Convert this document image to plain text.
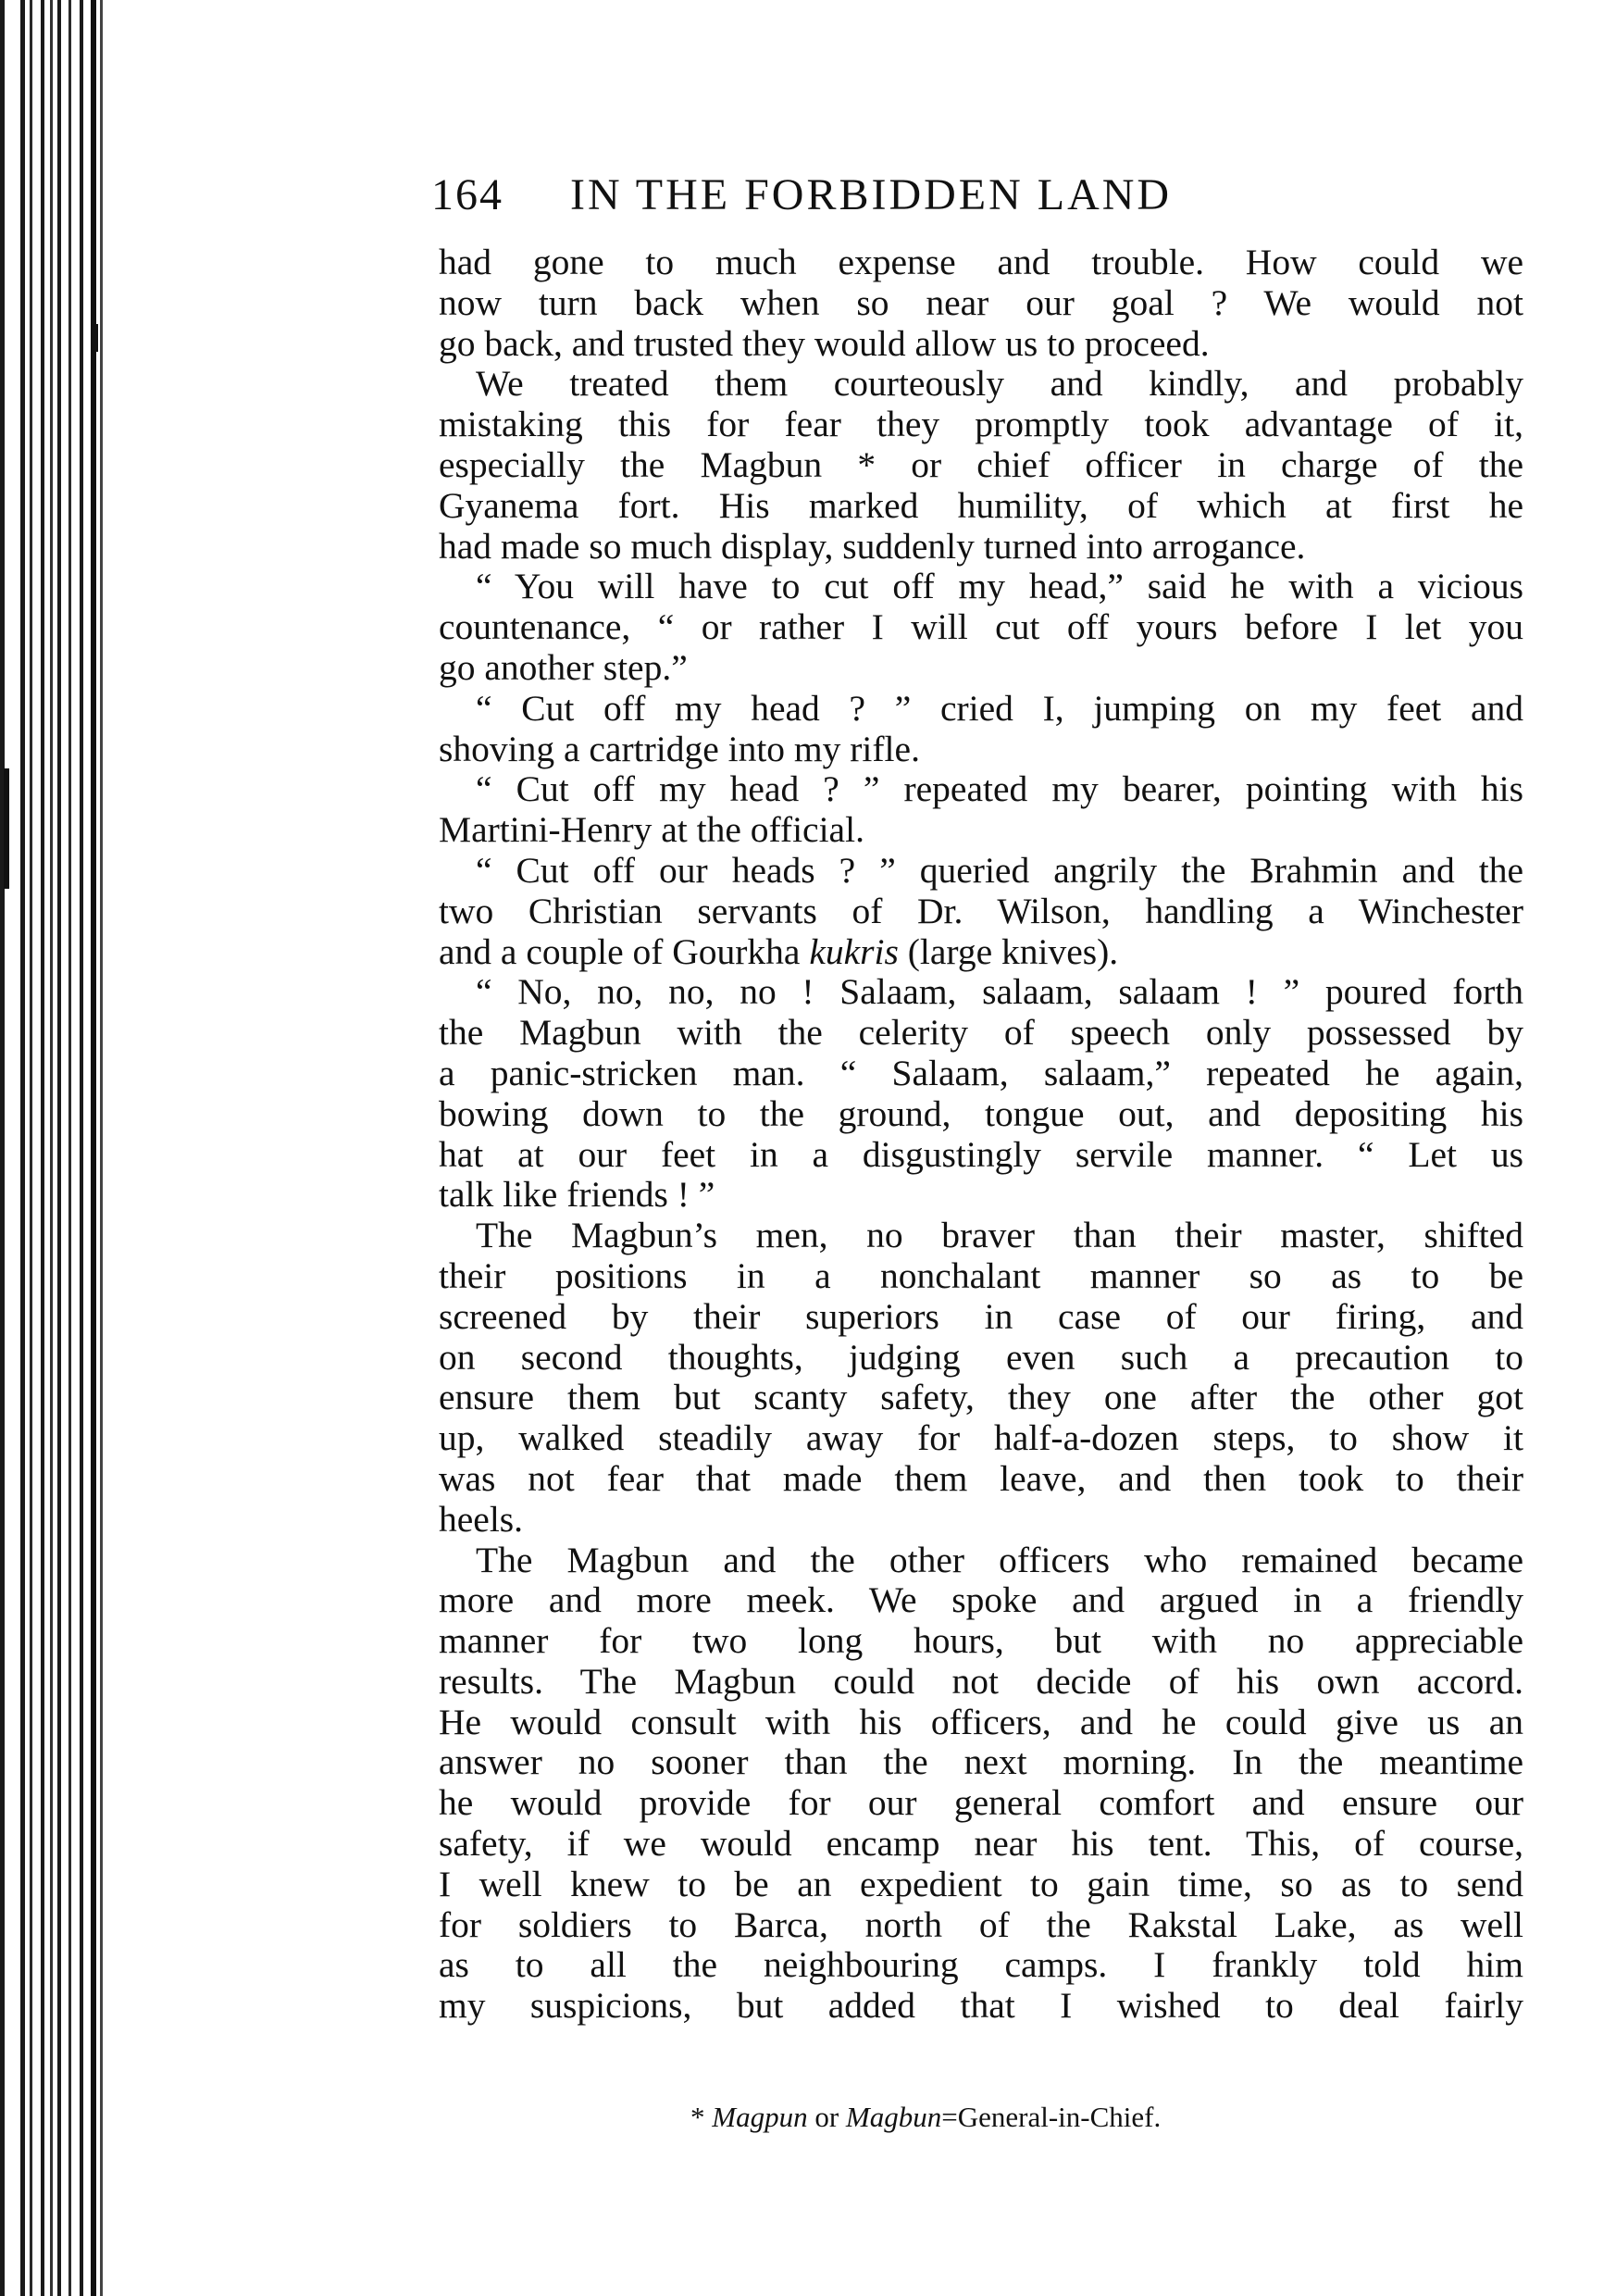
164 IN THE FORBIDDEN LAND
had gone to much expense and trouble. How could we
now turn back when so near our goal ? We would not
go back, and trusted they would allow us to proceed.
We treated them courteously and kindly, and probably
mistaking this for fear they promptly took advantage of it,
especially the Magbun * or chief officer in charge of the
Gyanema fort. His marked humility, of which at first he
had made so much display, suddenly turned into arrogance.
“ You will have to cut off my head,” said he with a vicious
countenance, “ or rather I will cut off yours before I let you
go another step.”
“ Cut off my head ? ” cried I, jumping on my feet and
shoving a cartridge into my rifle.
“ Cut off my head ? ” repeated my bearer, pointing with his
Martini-Henry at the official.
“ Cut off our heads ? ” queried angrily the Brahmin and the
two Christian servants of Dr. Wilson, handling a Winchester
and a couple of Gourkha kukris (large knives).
“ No, no, no, no ! Salaam, salaam, salaam ! ” poured forth
the Magbun with the celerity of speech only possessed by
a panic-stricken man. “ Salaam, salaam,” repeated he again,
bowing down to the ground, tongue out, and depositing his
hat at our feet in a disgustingly servile manner. “ Let us
talk like friends ! ”
The Magbun’s men, no braver than their master, shifted
their positions in a nonchalant manner so as to be
screened by their superiors in case of our firing, and
on second thoughts, judging even such a precaution to
ensure them but scanty safety, they one after the other got
up, walked steadily away for half-a-dozen steps, to show it
was not fear that made them leave, and then took to their
heels.
The Magbun and the other officers who remained became
more and more meek. We spoke and argued in a friendly
manner for two long hours, but with no appreciable
results. The Magbun could not decide of his own accord.
He would consult with his officers, and he could give us an
answer no sooner than the next morning. In the meantime
he would provide for our general comfort and ensure our
safety, if we would encamp near his tent. This, of course,
I well knew to be an expedient to gain time, so as to send
for soldiers to Barca, north of the Rakstal Lake, as well
as to all the neighbouring camps. I frankly told him
my suspicions, but added that I wished to deal fairly
* Magpun or Magbun=General-in-Chief.
